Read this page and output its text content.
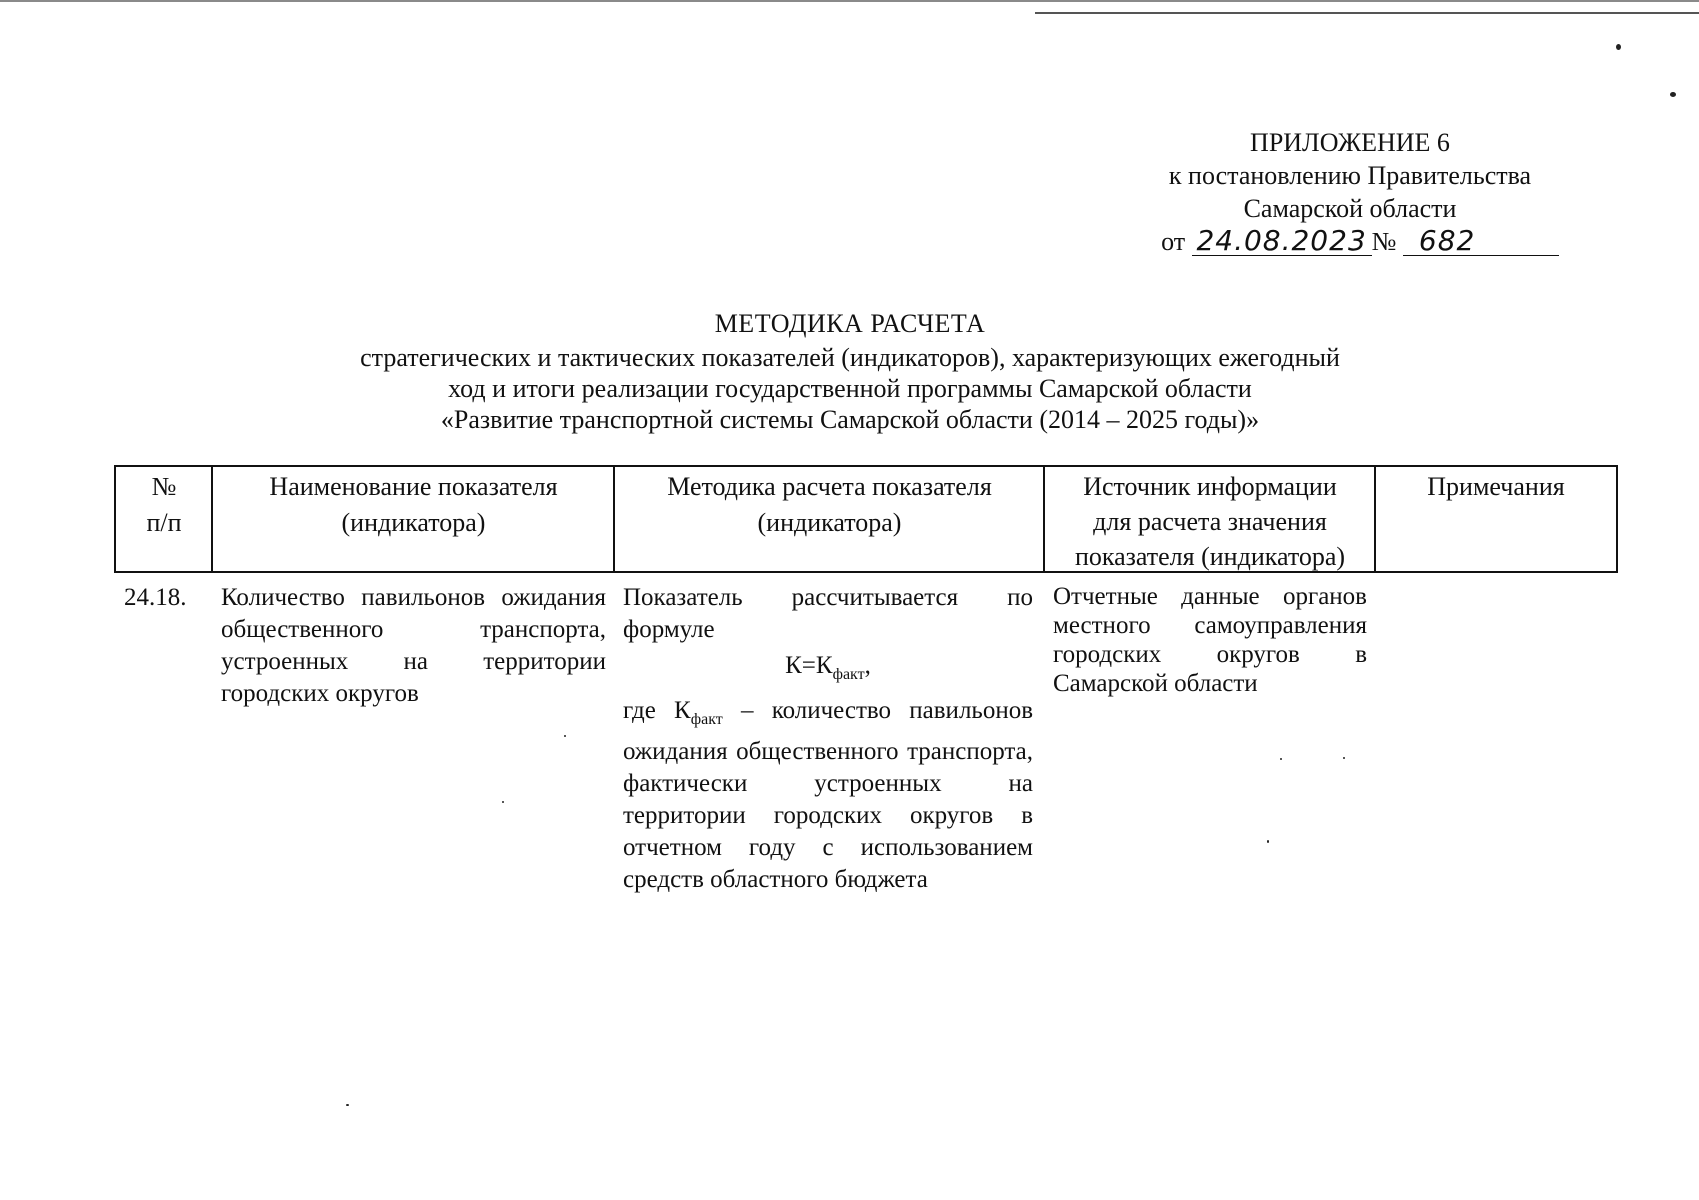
ПРИЛОЖЕНИЕ 6
к постановлению Правительства
Самарской области
от 24.08.2023 № 682
МЕТОДИКА РАСЧЕТА
стратегических и тактических показателей (индикаторов), характеризующих ежегодный
ход и итоги реализации государственной программы Самарской области
«Развитие транспортной системы Самарской области (2014 – 2025 годы)»
№
п/п
Наименование показателя
(индикатора)
Методика расчета показателя
(индикатора)
Источник информации
для расчета значения
показателя (индикатора)
Примечания
24.18.	Количество павильонов ожидания общественного транспорта, устроенных на территории городских округов
Показатель рассчитывается по формуле
$К=К_{факт}$,
где $К_{факт}$ – количество павильонов ожидания общественного транспорта, фактически устроенных на территории городских округов в отчетном году с использованием средств областного бюджета
Отчетные данные органов местного самоуправления городских округов в Самарской области
